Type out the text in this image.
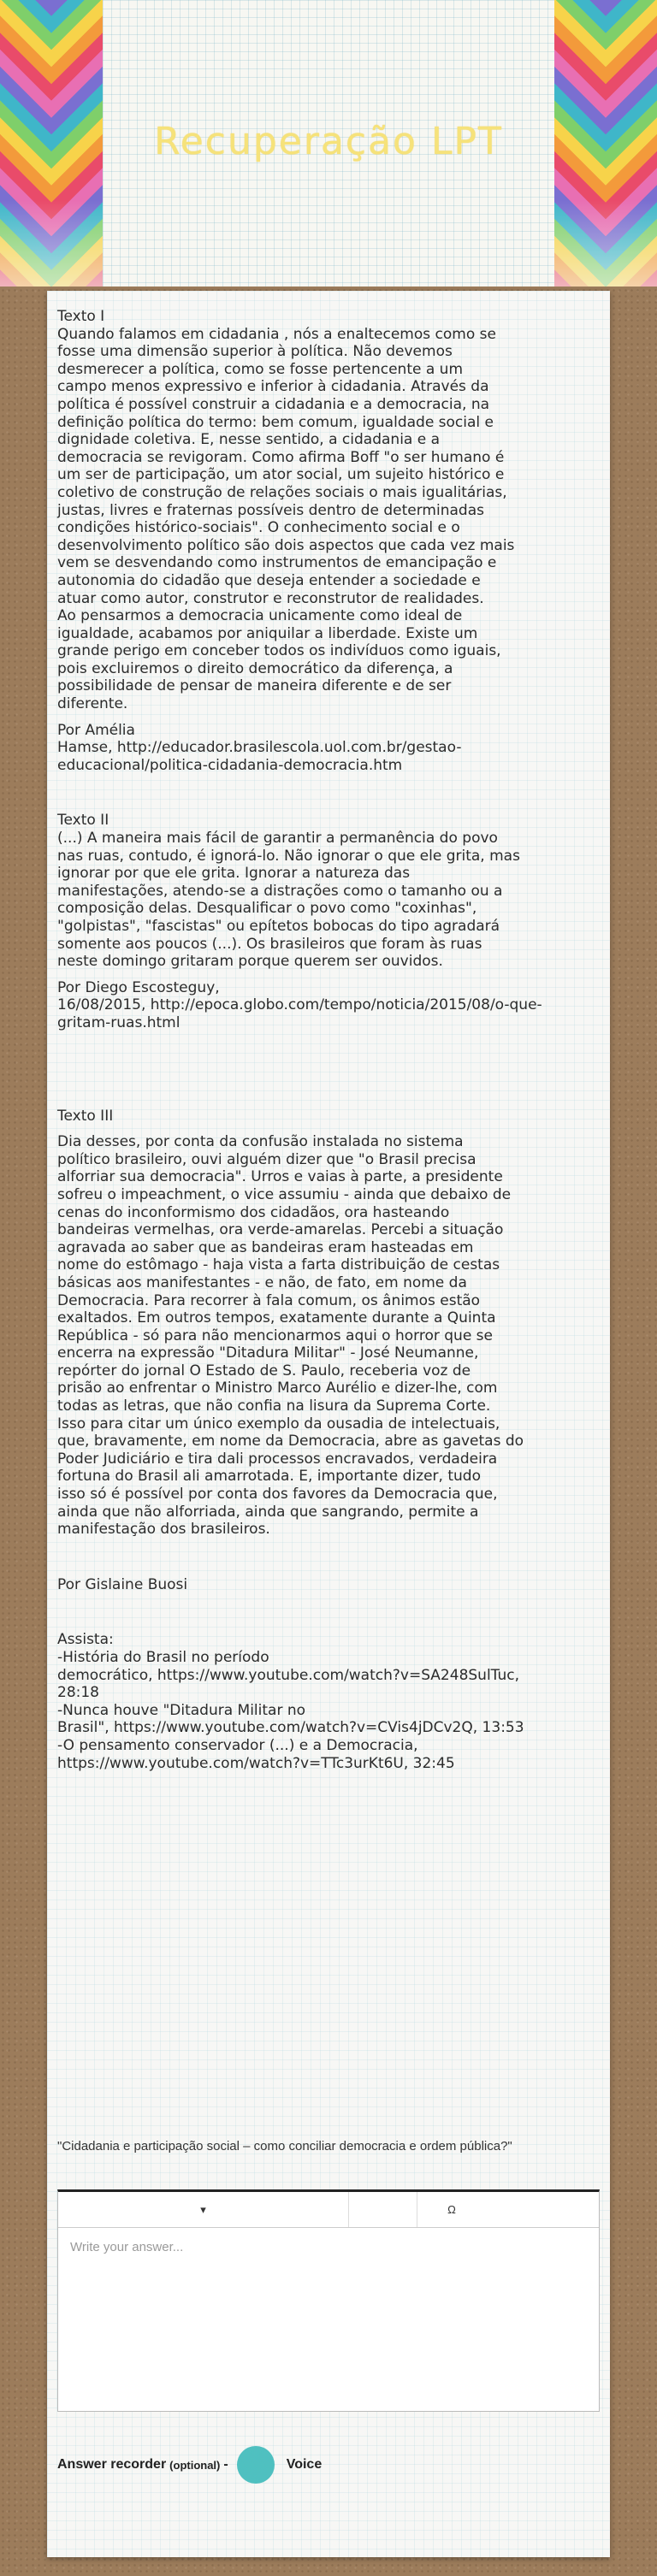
Recuperação LPT
Texto I
Quando falamos em cidadania , nós a enaltecemos como se
fosse uma dimensão superior à política. Não devemos
desmerecer a política, como se fosse pertencente a um
campo menos expressivo e inferior à cidadania. Através da
política é possível construir a cidadania e a democracia, na
definição política do termo: bem comum, igualdade social e
dignidade coletiva. E, nesse sentido, a cidadania e a
democracia se revigoram. Como afirma Boff "o ser humano é
um ser de participação, um ator social, um sujeito histórico e
coletivo de construção de relações sociais o mais igualitárias,
justas, livres e fraternas possíveis dentro de determinadas
condições histórico-sociais". O conhecimento social e o
desenvolvimento político são dois aspectos que cada vez mais
vem se desvendando como instrumentos de emancipação e
autonomia do cidadão que deseja entender a sociedade e
atuar como autor, construtor e reconstrutor de realidades.
Ao pensarmos a democracia unicamente como ideal de
igualdade, acabamos por aniquilar a liberdade. Existe um
grande perigo em conceber todos os indivíduos como iguais,
pois excluiremos o direito democrático da diferença, a
possibilidade de pensar de maneira diferente e de ser
diferente.
Por Amélia
Hamse, http://educador.brasilescola.uol.com.br/gestao-
educacional/politica-cidadania-democracia.htm
Texto II
(...) A maneira mais fácil de garantir a permanência do povo
nas ruas, contudo, é ignorá-lo. Não ignorar o que ele grita, mas
ignorar por que ele grita. Ignorar a natureza das
manifestações, atendo-se a distrações como o tamanho ou a
composição delas. Desqualificar o povo como "coxinhas",
"golpistas", "fascistas" ou epítetos bobocas do tipo agradará
somente aos poucos (...). Os brasileiros que foram às ruas
neste domingo gritaram porque querem ser ouvidos.
Por Diego Escosteguy,
16/08/2015, http://epoca.globo.com/tempo/noticia/2015/08/o-que-
gritam-ruas.html
Texto III
Dia desses, por conta da confusão instalada no sistema
político brasileiro, ouvi alguém dizer que "o Brasil precisa
alforriar sua democracia". Urros e vaias à parte, a presidente
sofreu o impeachment, o vice assumiu - ainda que debaixo de
cenas do inconformismo dos cidadãos, ora hasteando
bandeiras vermelhas, ora verde-amarelas. Percebi a situação
agravada ao saber que as bandeiras eram hasteadas em
nome do estômago - haja vista a farta distribuição de cestas
básicas aos manifestantes - e não, de fato, em nome da
Democracia. Para recorrer à fala comum, os ânimos estão
exaltados. Em outros tempos, exatamente durante a Quinta
República - só para não mencionarmos aqui o horror que se
encerra na expressão "Ditadura Militar" - José Neumanne,
repórter do jornal O Estado de S. Paulo, receberia voz de
prisão ao enfrentar o Ministro Marco Aurélio e dizer-lhe, com
todas as letras, que não confia na lisura da Suprema Corte.
Isso para citar um único exemplo da ousadia de intelectuais,
que, bravamente, em nome da Democracia, abre as gavetas do
Poder Judiciário e tira dali processos encravados, verdadeira
fortuna do Brasil ali amarrotada. E, importante dizer, tudo
isso só é possível por conta dos favores da Democracia que,
ainda que não alforriada, ainda que sangrando, permite a
manifestação dos brasileiros.
Por Gislaine Buosi
Assista:
-História do Brasil no período
democrático, https://www.youtube.com/watch?v=SA248SulTuc,
28:18
-Nunca houve "Ditadura Militar no
Brasil", https://www.youtube.com/watch?v=CVis4jDCv2Q, 13:53
-O pensamento conservador (...) e a Democracia,
https://www.youtube.com/watch?v=TTc3urKt6U, 32:45
"Cidadania e participação social – como conciliar democracia e ordem pública?"
▾	Ω
Write your answer...
Answer recorder (optional) -	Voice
